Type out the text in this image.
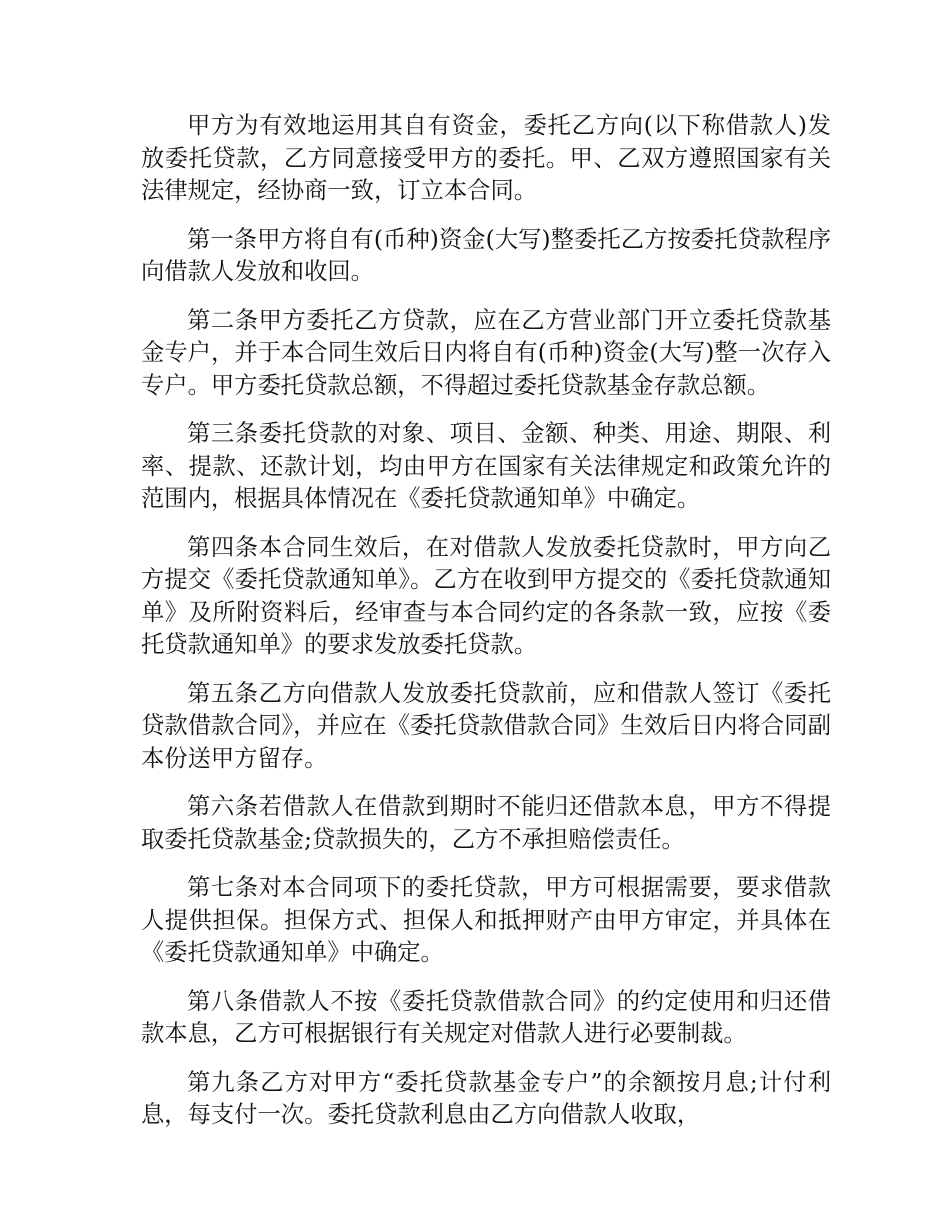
甲方为有效地运用其自有资金，委托乙方向(以下称借款人)发放委托贷款，乙方同意接受甲方的委托。甲、乙双方遵照国家有关法律规定，经协商一致，订立本合同。

第一条甲方将自有(币种)资金(大写)整委托乙方按委托贷款程序向借款人发放和收回。

第二条甲方委托乙方贷款，应在乙方营业部门开立委托贷款基金专户，并于本合同生效后日内将自有(币种)资金(大写)整一次存入专户。甲方委托贷款总额，不得超过委托贷款基金存款总额。

第三条委托贷款的对象、项目、金额、种类、用途、期限、利率、提款、还款计划，均由甲方在国家有关法律规定和政策允许的范围内，根据具体情况在《委托贷款通知单》中确定。

第四条本合同生效后，在对借款人发放委托贷款时，甲方向乙方提交《委托贷款通知单》。乙方在收到甲方提交的《委托贷款通知单》及所附资料后，经审查与本合同约定的各条款一致，应按《委托贷款通知单》的要求发放委托贷款。

第五条乙方向借款人发放委托贷款前，应和借款人签订《委托贷款借款合同》，并应在《委托贷款借款合同》生效后日内将合同副本份送甲方留存。

第六条若借款人在借款到期时不能归还借款本息，甲方不得提取委托贷款基金;贷款损失的，乙方不承担赔偿责任。

第七条对本合同项下的委托贷款，甲方可根据需要，要求借款人提供担保。担保方式、担保人和抵押财产由甲方审定，并具体在《委托贷款通知单》中确定。

第八条借款人不按《委托贷款借款合同》的约定使用和归还借款本息，乙方可根据银行有关规定对借款人进行必要制裁。

第九条乙方对甲方“委托贷款基金专户”的余额按月息;计付利息，每支付一次。委托贷款利息由乙方向借款人收取，
